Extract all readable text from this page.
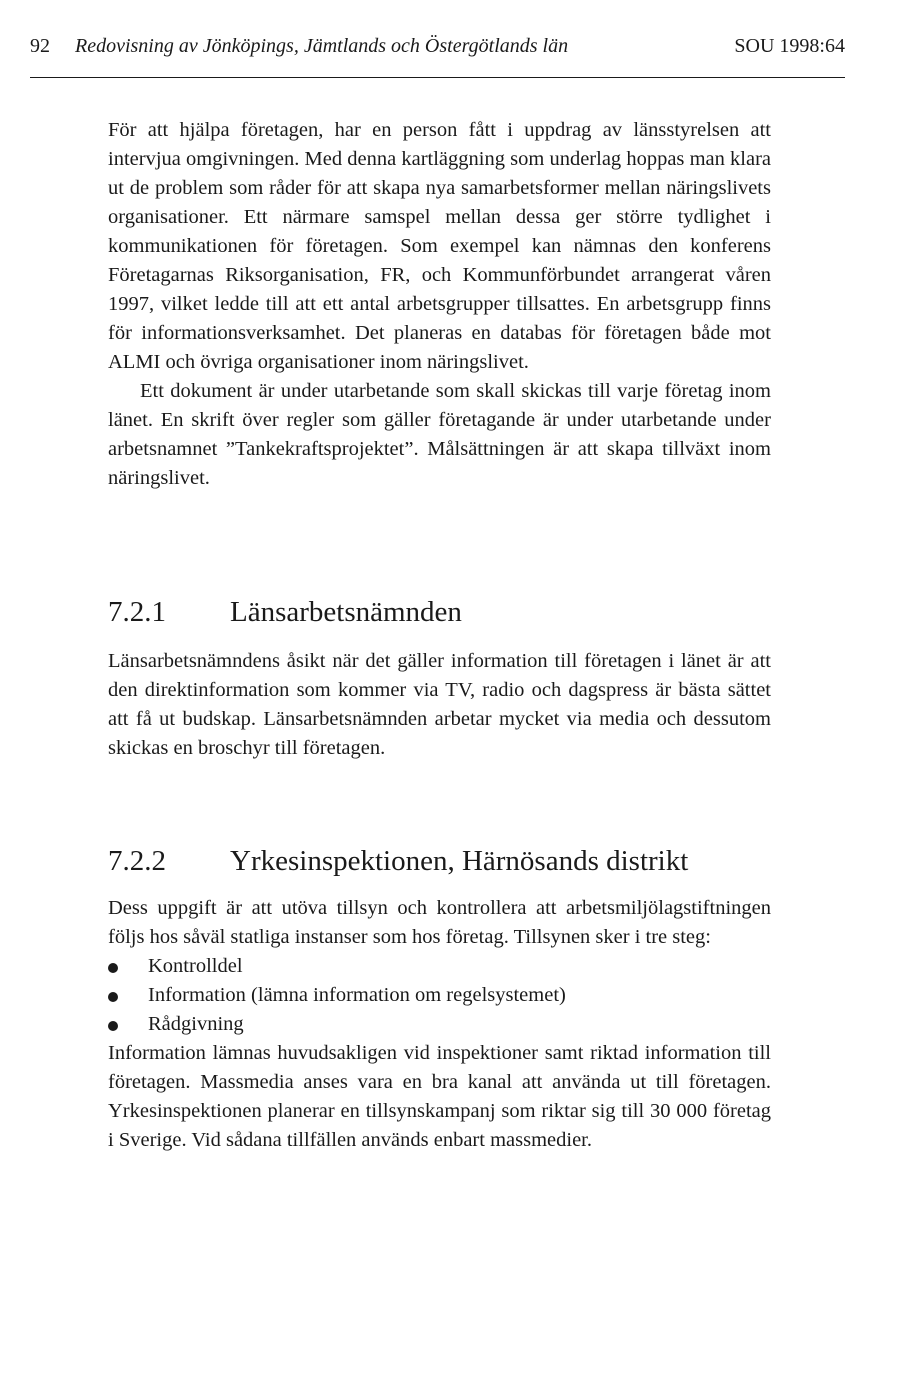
92 Redovisning av Jönköpings, Jämtlands och Östergötlands län	SOU 1998:64

För att hjälpa företagen, har en person fått i uppdrag av länsstyrelsen att intervjua omgivningen. Med denna kartläggning som underlag hoppas man klara ut de problem som råder för att skapa nya samarbetsformer mellan näringslivets organisationer. Ett närmare samspel mellan dessa ger större tydlighet i kommunikationen för företagen. Som exempel kan nämnas den konferens Företagarnas Riksorganisation, FR, och Kommunförbundet arrangerat våren 1997, vilket ledde till att ett antal arbetsgrupper tillsattes. En arbetsgrupp finns för informationsverksamhet. Det planeras en databas för företagen både mot ALMI och övriga organisationer inom näringslivet.

Ett dokument är under utarbetande som skall skickas till varje företag inom länet. En skrift över regler som gäller företagande är under utarbetande under arbetsnamnet ”Tankekraftsprojektet”. Målsättningen är att skapa tillväxt inom näringslivet.

7.2.1 Länsarbetsnämnden

Länsarbetsnämndens åsikt när det gäller information till företagen i länet är att den direktinformation som kommer via TV, radio och dagspress är bästa sättet att få ut budskap. Länsarbetsnämnden arbetar mycket via media och dessutom skickas en broschyr till företagen.

7.2.2 Yrkesinspektionen, Härnösands distrikt

Dess uppgift är att utöva tillsyn och kontrollera att arbetsmiljölagstiftningen följs hos såväl statliga instanser som hos företag. Tillsynen sker i tre steg:

Kontrolldel
Information (lämna information om regelsystemet)
Rådgivning

Information lämnas huvudsakligen vid inspektioner samt riktad information till företagen. Massmedia anses vara en bra kanal att använda ut till företagen. Yrkesinspektionen planerar en tillsynskampanj som riktar sig till 30 000 företag i Sverige. Vid sådana tillfällen används enbart massmedier.
